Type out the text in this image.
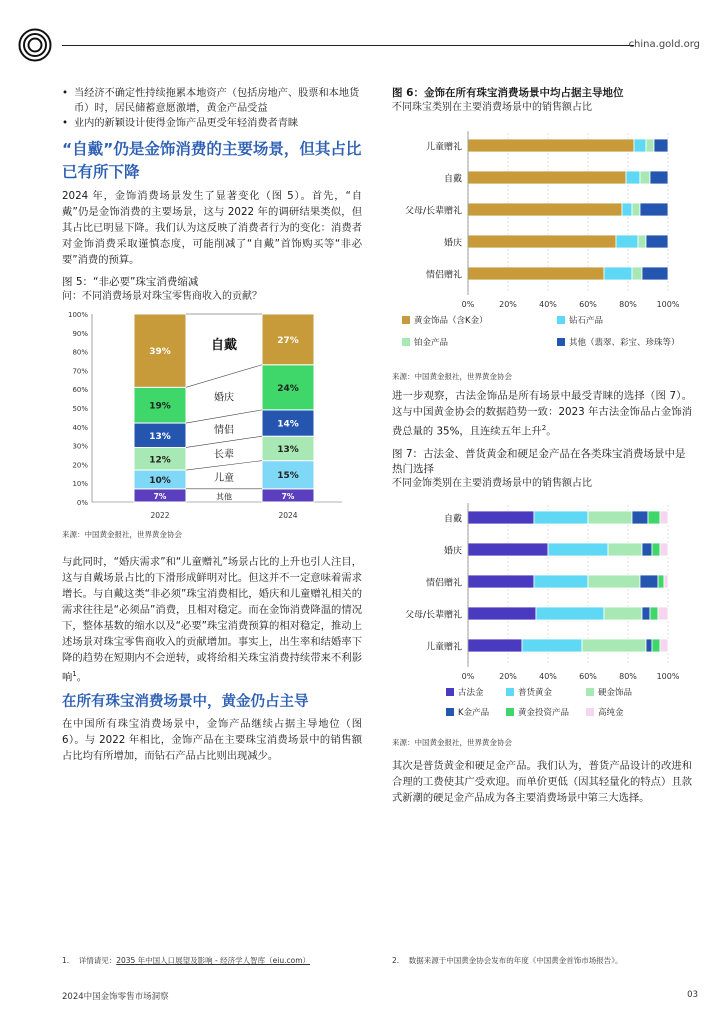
china.gold.org
• 当经济不确定性持续拖累本地资产（包括房地产、股票和本地货币）时，居民储蓄意愿激增，黄金产品受益
• 业内的新颖设计使得金饰产品更受年轻消费者青睐
“自戴”仍是金饰消费的主要场景，但其占比已有所下降

2024 年，金饰消费场景发生了显著变化（图 5）。首先，“自戴”仍是金饰消费的主要场景，这与 2022 年的调研结果类似，但其占比已明显下降。我们认为这反映了消费者行为的变化：消费者对金饰消费采取谨慎态度，可能削减了“自戴”首饰购买等“非必要”消费的预算。

图 5：“非必要”珠宝消费缩减
问：不同消费场景对珠宝零售商收入的贡献？
0%
10%
20%
30%
40%
50%
60%
70%
80%
90%
100%
7%
10%
12%
13%
19%
39%
2022
7%
15%
13%
14%
24%
27%
2024
其他
儿童
长辈
情侣
婚庆
自戴
来源：中国黄金报社，世界黄金协会

与此同时，“婚庆需求”和“儿童赠礼”场景占比的上升也引人注目，这与自戴场景占比的下滑形成鲜明对比。但这并不一定意味着需求增长。与自戴这类“非必须”珠宝消费相比，婚庆和儿童赠礼相关的需求往往是“必须品”消费，且相对稳定。而在金饰消费降温的情况下，整体基数的缩水以及“必要”珠宝消费预算的相对稳定，推动上述场景对珠宝零售商收入的贡献增加。事实上，出生率和结婚率下降的趋势在短期内不会逆转，或将给相关珠宝消费持续带来不利影响$^1$。

在所有珠宝消费场景中，黄金仍占主导

在中国所有珠宝消费场景中，金饰产品继续占据主导地位（图 6）。与 2022 年相比，金饰产品在主要珠宝消费场景中的销售额占比均有所增加，而钻石产品占比则出现减少。

图 6：金饰在所有珠宝消费场景中均占据主导地位
不同珠宝类别在主要消费场景中的销售额占比
儿童赠礼
自戴
父母/长辈赠礼
婚庆
情侣赠礼
0%	20%	40%	60%	80% 100%
黄金饰品（含K金）	钻石产品
铂金产品	其他（翡翠、彩宝、珍珠等）
来源：中国黄金报社，世界黄金协会

进一步观察，古法金饰品是所有场景中最受青睐的选择（图 7）。这与中国黄金协会的数据趋势一致：2023 年古法金饰品占金饰消费总量的 35%，且连续五年上升$^2$。

图 7：古法金、普货黄金和硬足金产品在各类珠宝消费场景中是热门选择
不同金饰类别在主要消费场景中的销售额占比
自戴
婚庆
情侣赠礼
父母/长辈赠礼
儿童赠礼
0%	20%	40%	60%	80% 100%
古法金	普货黄金	硬金饰品
K金产品	黄金投资产品	高纯金
来源：中国黄金报社，世界黄金协会

其次是普货黄金和硬足金产品。我们认为，普货产品设计的改进和合理的工费使其广受欢迎。而单价更低（因其轻量化的特点）且款式新潮的硬足金产品成为各主要消费场景中第三大选择。

1. 详情请见：2035 年中国人口展望及影响 - 经济学人智库（eiu.com）	2. 数据来源于中国黄金协会发布的年度《中国黄金首饰市场报告》。
2024中国金饰零售市场洞察	03
